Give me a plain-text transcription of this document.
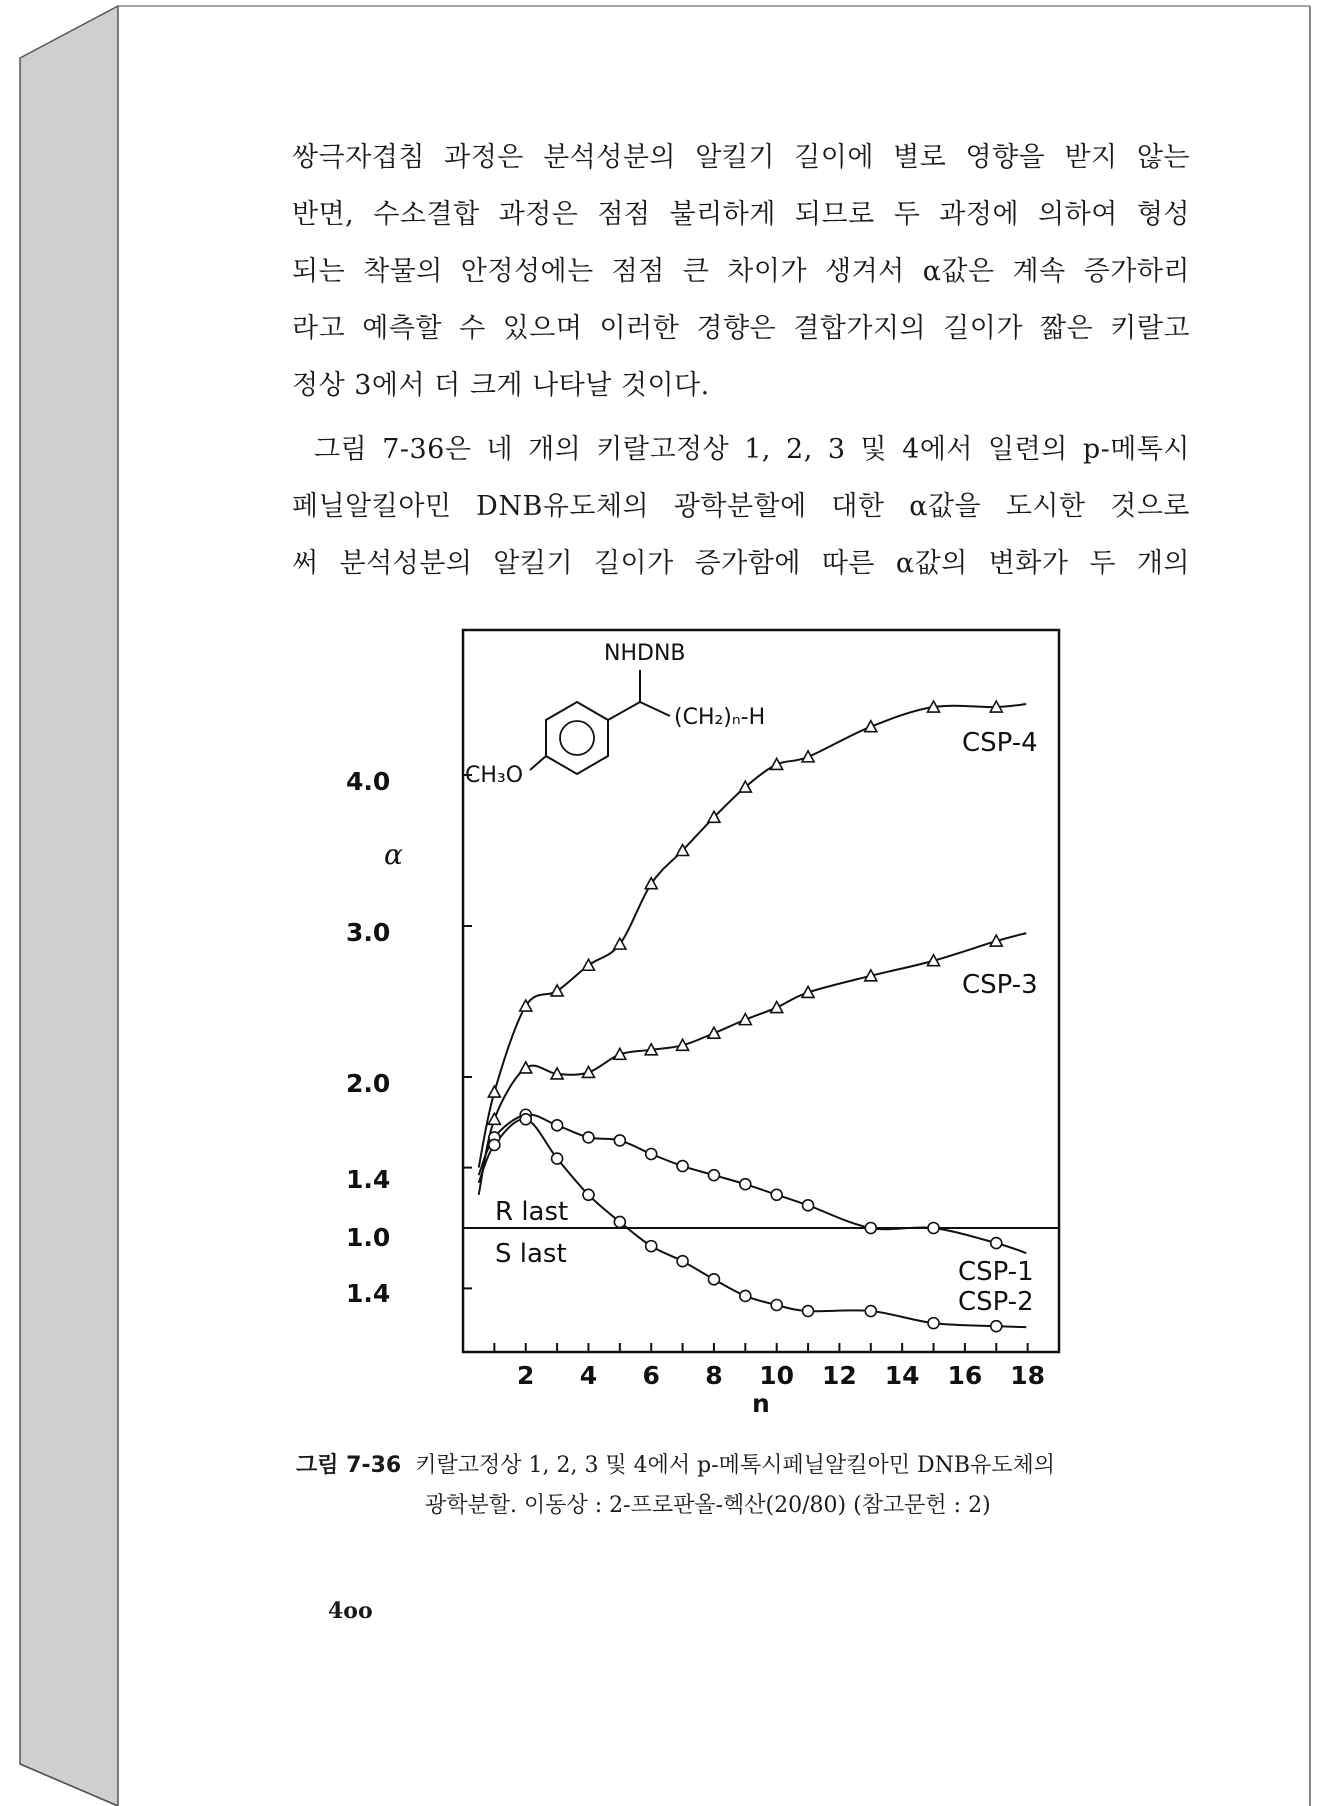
쌍극자겹침 과정은 분석성분의 알킬기 길이에 별로 영향을 받지 않는
반면, 수소결합 과정은 점점 불리하게 되므로 두 과정에 의하여 형성
되는 착물의 안정성에는 점점 큰 차이가 생겨서 α값은 계속 증가하리
라고 예측할 수 있으며 이러한 경향은 결합가지의 길이가 짧은 키랄고
정상 3에서 더 크게 나타날 것이다.
그림 7-36은 네 개의 키랄고정상 1, 2, 3 및 4에서 일련의 p-메톡시
페닐알킬아민 DNB유도체의 광학분할에 대한 α값을 도시한 것으로
써 분석성분의 알킬기 길이가 증가함에 따른 α값의 변화가 두 개의
2 4 6 8 10 12 14 16 18
4.0
3.0
2.0
1.4
1.0
1.4
α
n
R last
S last
CSP-4
CSP-3
CSP-1
CSP-2
NHDNB
(CH₂)ₙ-H
CH₃O
그림 7-36 키랄고정상 1, 2, 3 및 4에서 p-메톡시페닐알킬아민 DNB유도체의
광학분할. 이동상 : 2-프로판올-헥산(20/80) (참고문헌 : 2)
4oo
